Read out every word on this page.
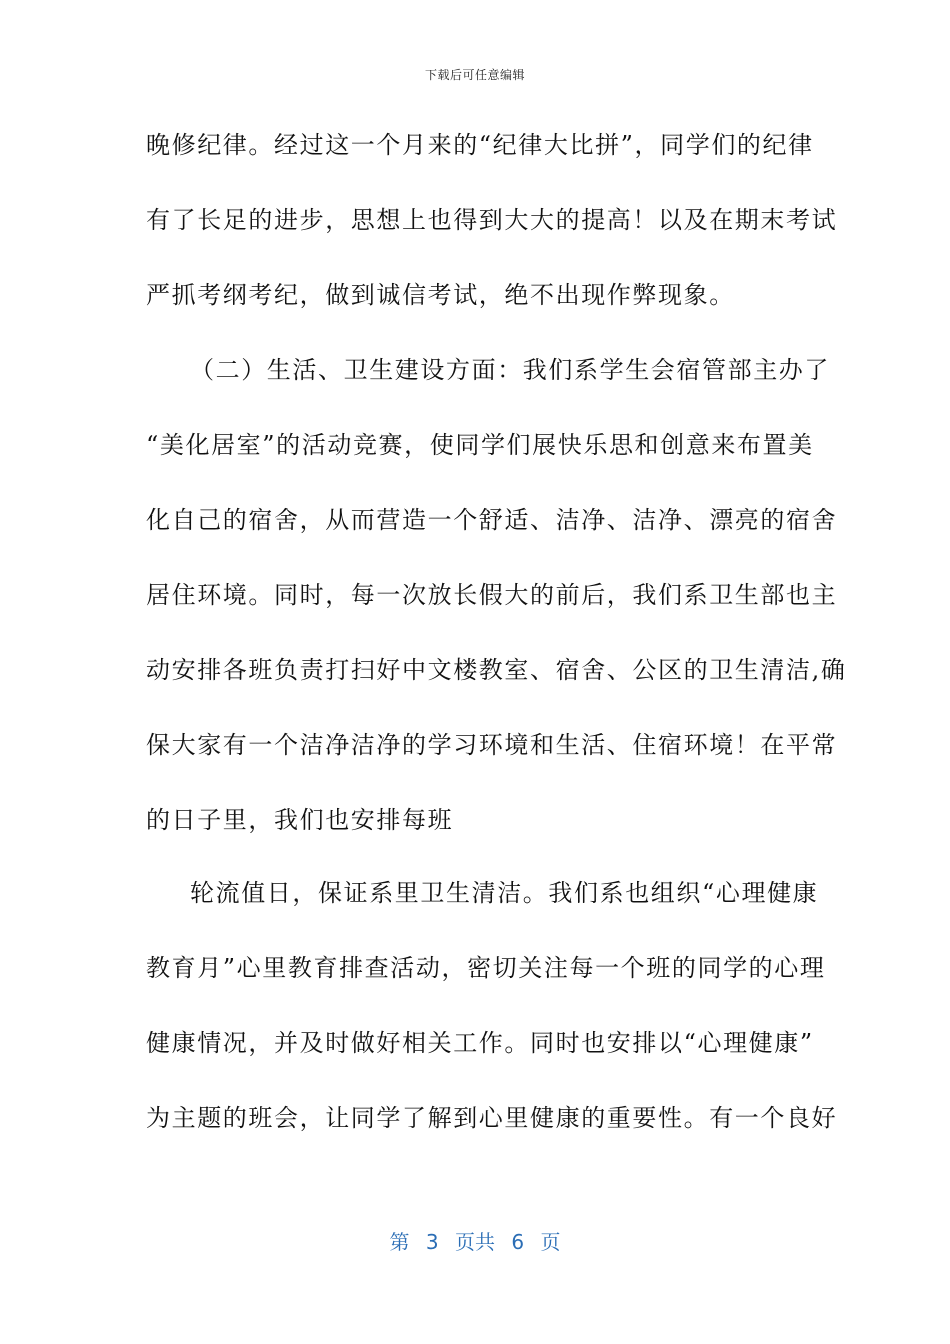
下载后可任意编辑
晚修纪律。经过这一个月来的“纪律大比拼”，同学们的纪律
有了长足的进步，思想上也得到大大的提高！以及在期末考试
严抓考纲考纪，做到诚信考试，绝不出现作弊现象。
（二）生活、卫生建设方面：我们系学生会宿管部主办了
“美化居室”的活动竞赛，使同学们展快乐思和创意来布置美
化自己的宿舍，从而营造一个舒适、洁净、洁净、漂亮的宿舍
居住环境。同时，每一次放长假大的前后，我们系卫生部也主
动安排各班负责打扫好中文楼教室、宿舍、公区的卫生清洁,确
保大家有一个洁净洁净的学习环境和生活、住宿环境！在平常
的日子里，我们也安排每班
轮流值日，保证系里卫生清洁。我们系也组织“心理健康
教育月”心里教育排查活动，密切关注每一个班的同学的心理
健康情况，并及时做好相关工作。同时也安排以“心理健康”
为主题的班会，让同学了解到心里健康的重要性。有一个良好
第 3 页共 6 页
